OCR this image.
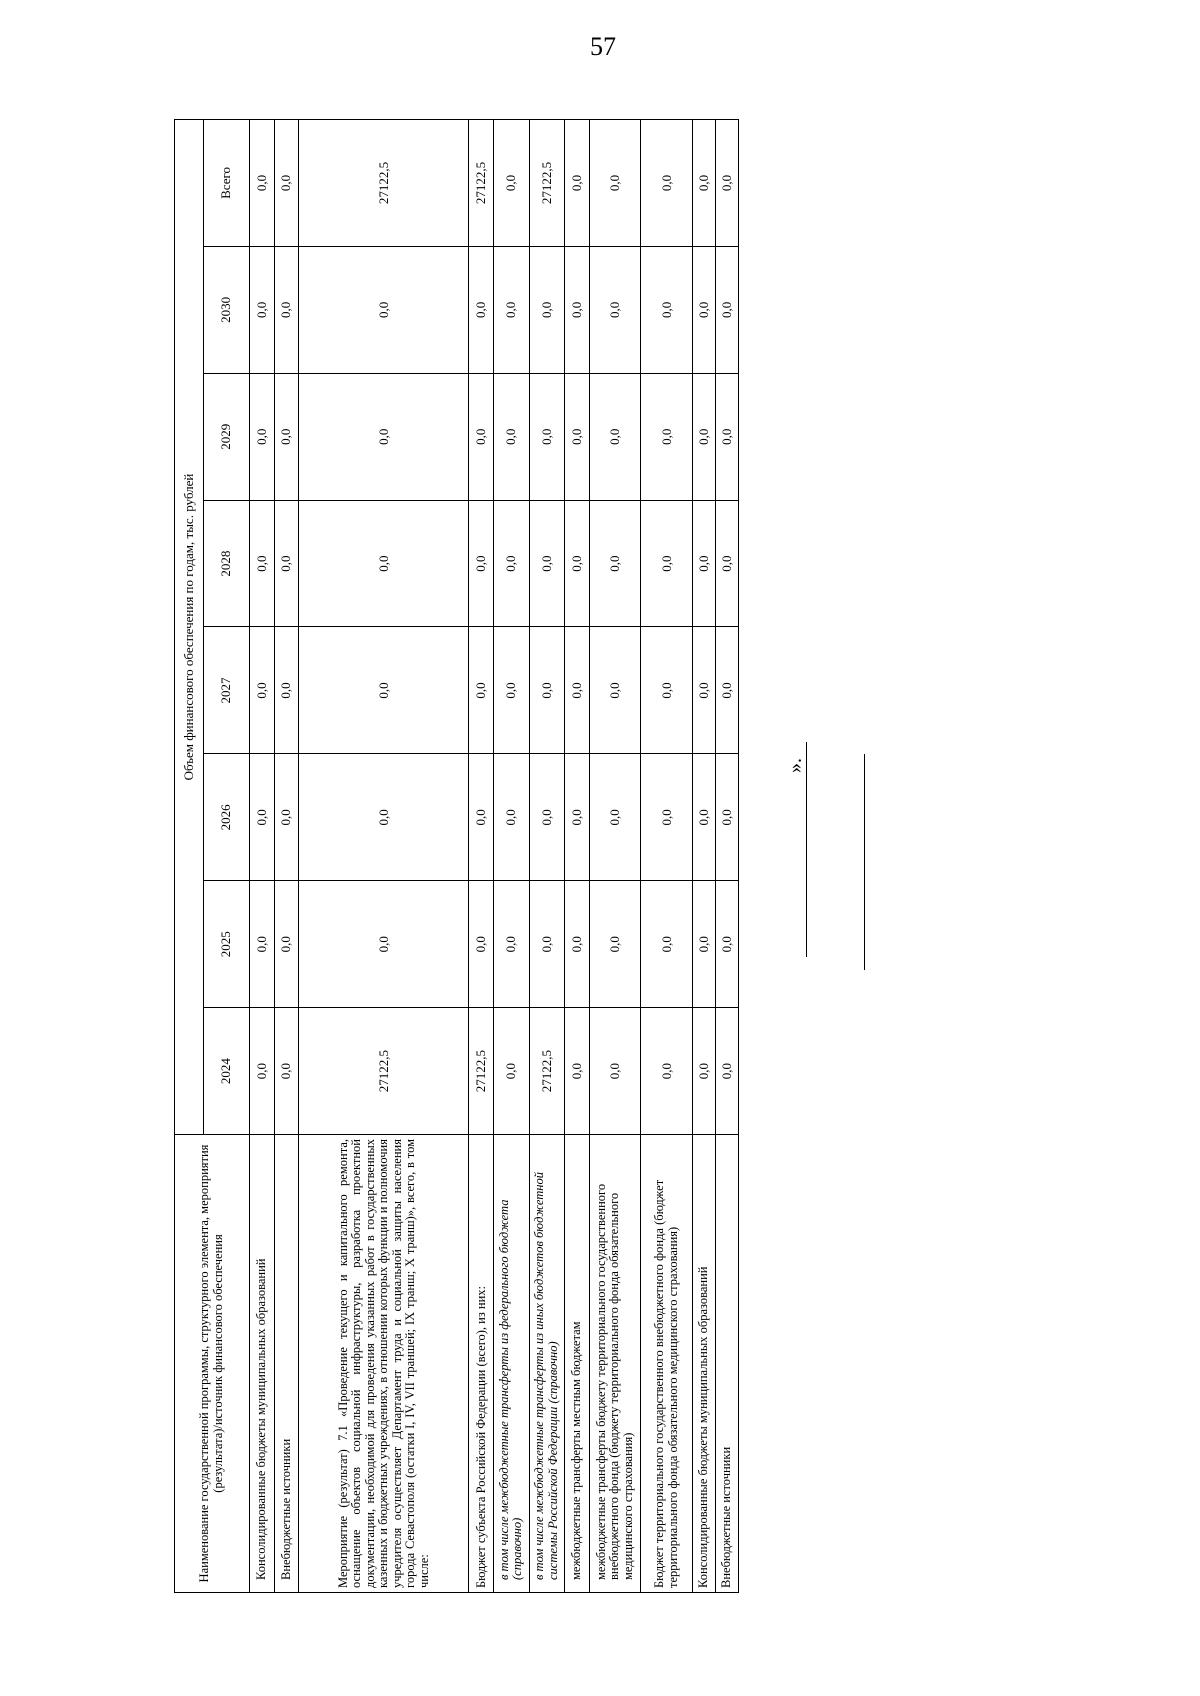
57
Наименование государственной программы, структурного элемента, мероприятия (результата)/источник финансового обеспечения	Объем финансового обеспечения по годам, тыс. рублей							
	2024	2025	2026	2027	2028	2029	2030	Всего
Консолидированные бюджеты муниципальных образований	0,0	0,0	0,0	0,0	0,0	0,0	0,0	0,0
Внебюджетные источники	0,0	0,0	0,0	0,0	0,0	0,0	0,0	0,0
Мероприятие (результат) 7.1 «Проведение текущего и капитального ремонта, оснащение объектов социальной инфраструктуры, разработка проектной документации, необходимой для проведения указанных работ в государственных казенных и бюджетных учреждениях, в отношении которых функции и полномочия учредителя осуществляет Департамент труда и социальной защиты населения города Севастополя (остатки I, IV, VII траншей; IX транш; X транш)», всего, в том числе:	27122,5	0,0	0,0	0,0	0,0	0,0	0,0	27122,5
Бюджет субъекта Российской Федерации (всего), из них:	27122,5	0,0	0,0	0,0	0,0	0,0	0,0	27122,5
в том числе межбюджетные трансферты из федерального бюджета (справочно)	0,0	0,0	0,0	0,0	0,0	0,0	0,0	0,0
в том числе межбюджетные трансферты из иных бюджетов бюджетной системы Российской Федерации (справочно)	27122,5	0,0	0,0	0,0	0,0	0,0	0,0	27122,5
межбюджетные трансферты местным бюджетам	0,0	0,0	0,0	0,0	0,0	0,0	0,0	0,0
межбюджетные трансферты бюджету территориального государственного внебюджетного фонда (бюджету территориального фонда обязательного медицинского страхования)	0,0	0,0	0,0	0,0	0,0	0,0	0,0	0,0
Бюджет территориального государственного внебюджетного фонда (бюджет территориального фонда обязательного медицинского страхования)	0,0	0,0	0,0	0,0	0,0	0,0	0,0	0,0
Консолидированные бюджеты муниципальных образований	0,0	0,0	0,0	0,0	0,0	0,0	0,0	0,0
Внебюджетные источники	0,0	0,0	0,0	0,0	0,0	0,0	0,0	0,0
».
